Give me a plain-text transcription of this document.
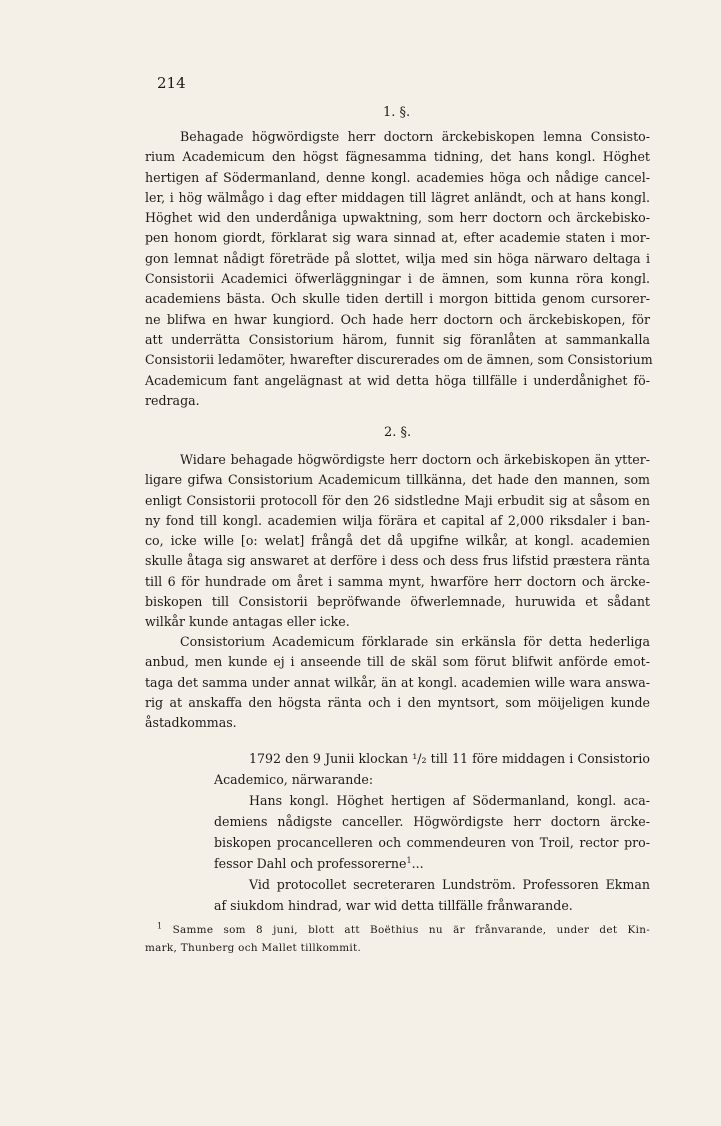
214
1. §.
Behagade högwördigste herr doctorn ärckebiskopen lemna Consisto-
rium Academicum den högst fägnesamma tidning, det hans kongl. Höghet
hertigen af Södermanland, denne kongl. academies höga och nådige cancel-
ler, i hög wälmågo i dag efter middagen till lägret anländt, och at hans kongl.
Höghet wid den underdåniga upwaktning, som herr doctorn och ärckebisko-
pen honom giordt, förklarat sig wara sinnad at, efter academie staten i mor-
gon lemnat nådigt företräde på slottet, wilja med sin höga närwaro deltaga i
Consistorii Academici öfwerläggningar i de ämnen, som kunna röra kongl.
academiens bästa. Och skulle tiden dertill i morgon bittida genom cursorer-
ne blifwa en hwar kungiord. Och hade herr doctorn och ärckebiskopen, för
att underrätta Consistorium härom, funnit sig föranlåten at sammankalla
Consistorii ledamöter, hwarefter discurerades om de ämnen, som Consistorium
Academicum fant angelägnast at wid detta höga tillfälle i underdånighet fö-
redraga.
2. §.
Widare behagade högwördigste herr doctorn och ärkebiskopen än ytter-
ligare gifwa Consistorium Academicum tillkänna, det hade den mannen, som
enligt Consistorii protocoll för den 26 sidstledne Maji erbudit sig at såsom en
ny fond till kongl. academien wilja förära et capital af 2,000 riksdaler i ban-
co, icke wille [o: welat] frångå det då upgifne wilkår, at kongl. academien
skulle åtaga sig answaret at derföre i dess och dess frus lifstid præstera ränta
till 6 för hundrade om året i samma mynt, hwarföre herr doctorn och ärcke-
biskopen till Consistorii bepröfwande öfwerlemnade, huruwida et sådant
wilkår kunde antagas eller icke.
Consistorium Academicum förklarade sin erkänsla för detta hederliga
anbud, men kunde ej i anseende till de skäl som förut blifwit anförde emot-
taga det samma under annat wilkår, än at kongl. academien wille wara answa-
rig at anskaffa den högsta ränta och i den myntsort, som möijeligen kunde
åstadkommas.
1792 den 9 Junii klockan ¹/₂ till 11 före middagen i Consistorio
Academico, närwarande:
Hans kongl. Höghet hertigen af Södermanland, kongl. aca-
demiens nådigste canceller. Högwördigste herr doctorn ärcke-
biskopen procancelleren och commendeuren von Troil, rector pro-
fessor Dahl och professorerne$^1$...
Vid protocollet secreteraren Lundström. Professoren Ekman
af siukdom hindrad, war wid detta tillfälle frånwarande.
$^1$ Samme som 8 juni, blott att Boëthius nu är frånvarande, under det Kin-
mark, Thunberg och Mallet tillkommit.
